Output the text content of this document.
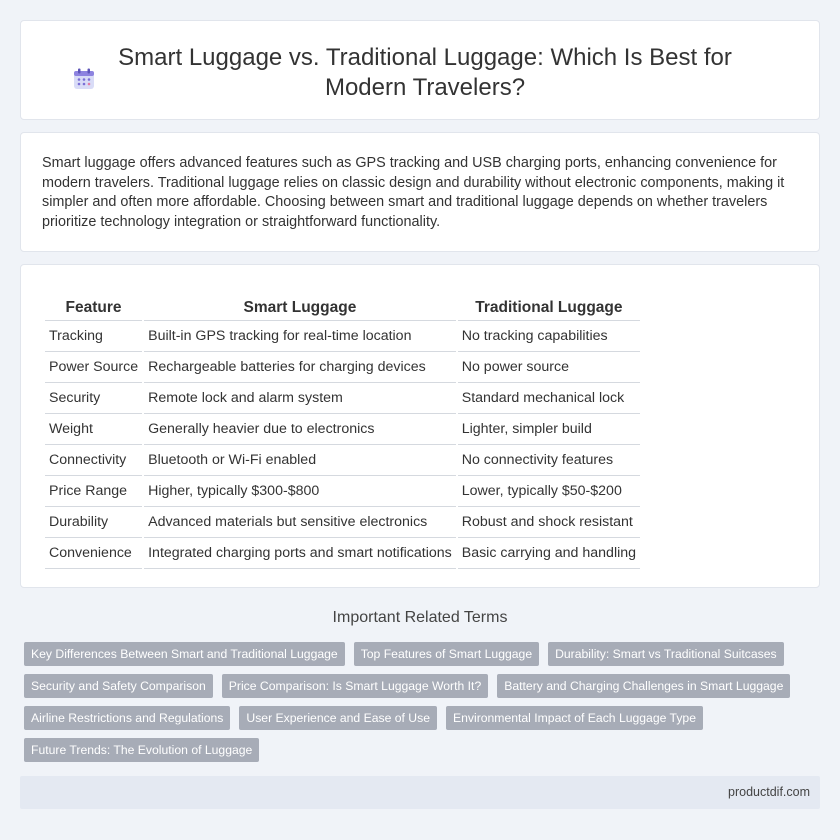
Smart Luggage vs. Traditional Luggage: Which Is Best for Modern Travelers?

Smart luggage offers advanced features such as GPS tracking and USB charging ports, enhancing convenience for modern travelers. Traditional luggage relies on classic design and durability without electronic components, making it simpler and often more affordable. Choosing between smart and traditional luggage depends on whether travelers prioritize technology integration or straightforward functionality.

Feature	Smart Luggage	Traditional Luggage
Tracking	Built-in GPS tracking for real-time location	No tracking capabilities
Power Source	Rechargeable batteries for charging devices	No power source
Security	Remote lock and alarm system	Standard mechanical lock
Weight	Generally heavier due to electronics	Lighter, simpler build
Connectivity	Bluetooth or Wi-Fi enabled	No connectivity features
Price Range	Higher, typically $300-$800	Lower, typically $50-$200
Durability	Advanced materials but sensitive electronics	Robust and shock resistant
Convenience	Integrated charging ports and smart notifications	Basic carrying and handling
Important Related Terms
Key Differences Between Smart and Traditional Luggage	Top Features of Smart Luggage	Durability: Smart vs Traditional Suitcases
Security and Safety Comparison	Price Comparison: Is Smart Luggage Worth It?	Battery and Charging Challenges in Smart Luggage
Airline Restrictions and Regulations	User Experience and Ease of Use	Environmental Impact of Each Luggage Type
Future Trends: The Evolution of Luggage
productdif.com
